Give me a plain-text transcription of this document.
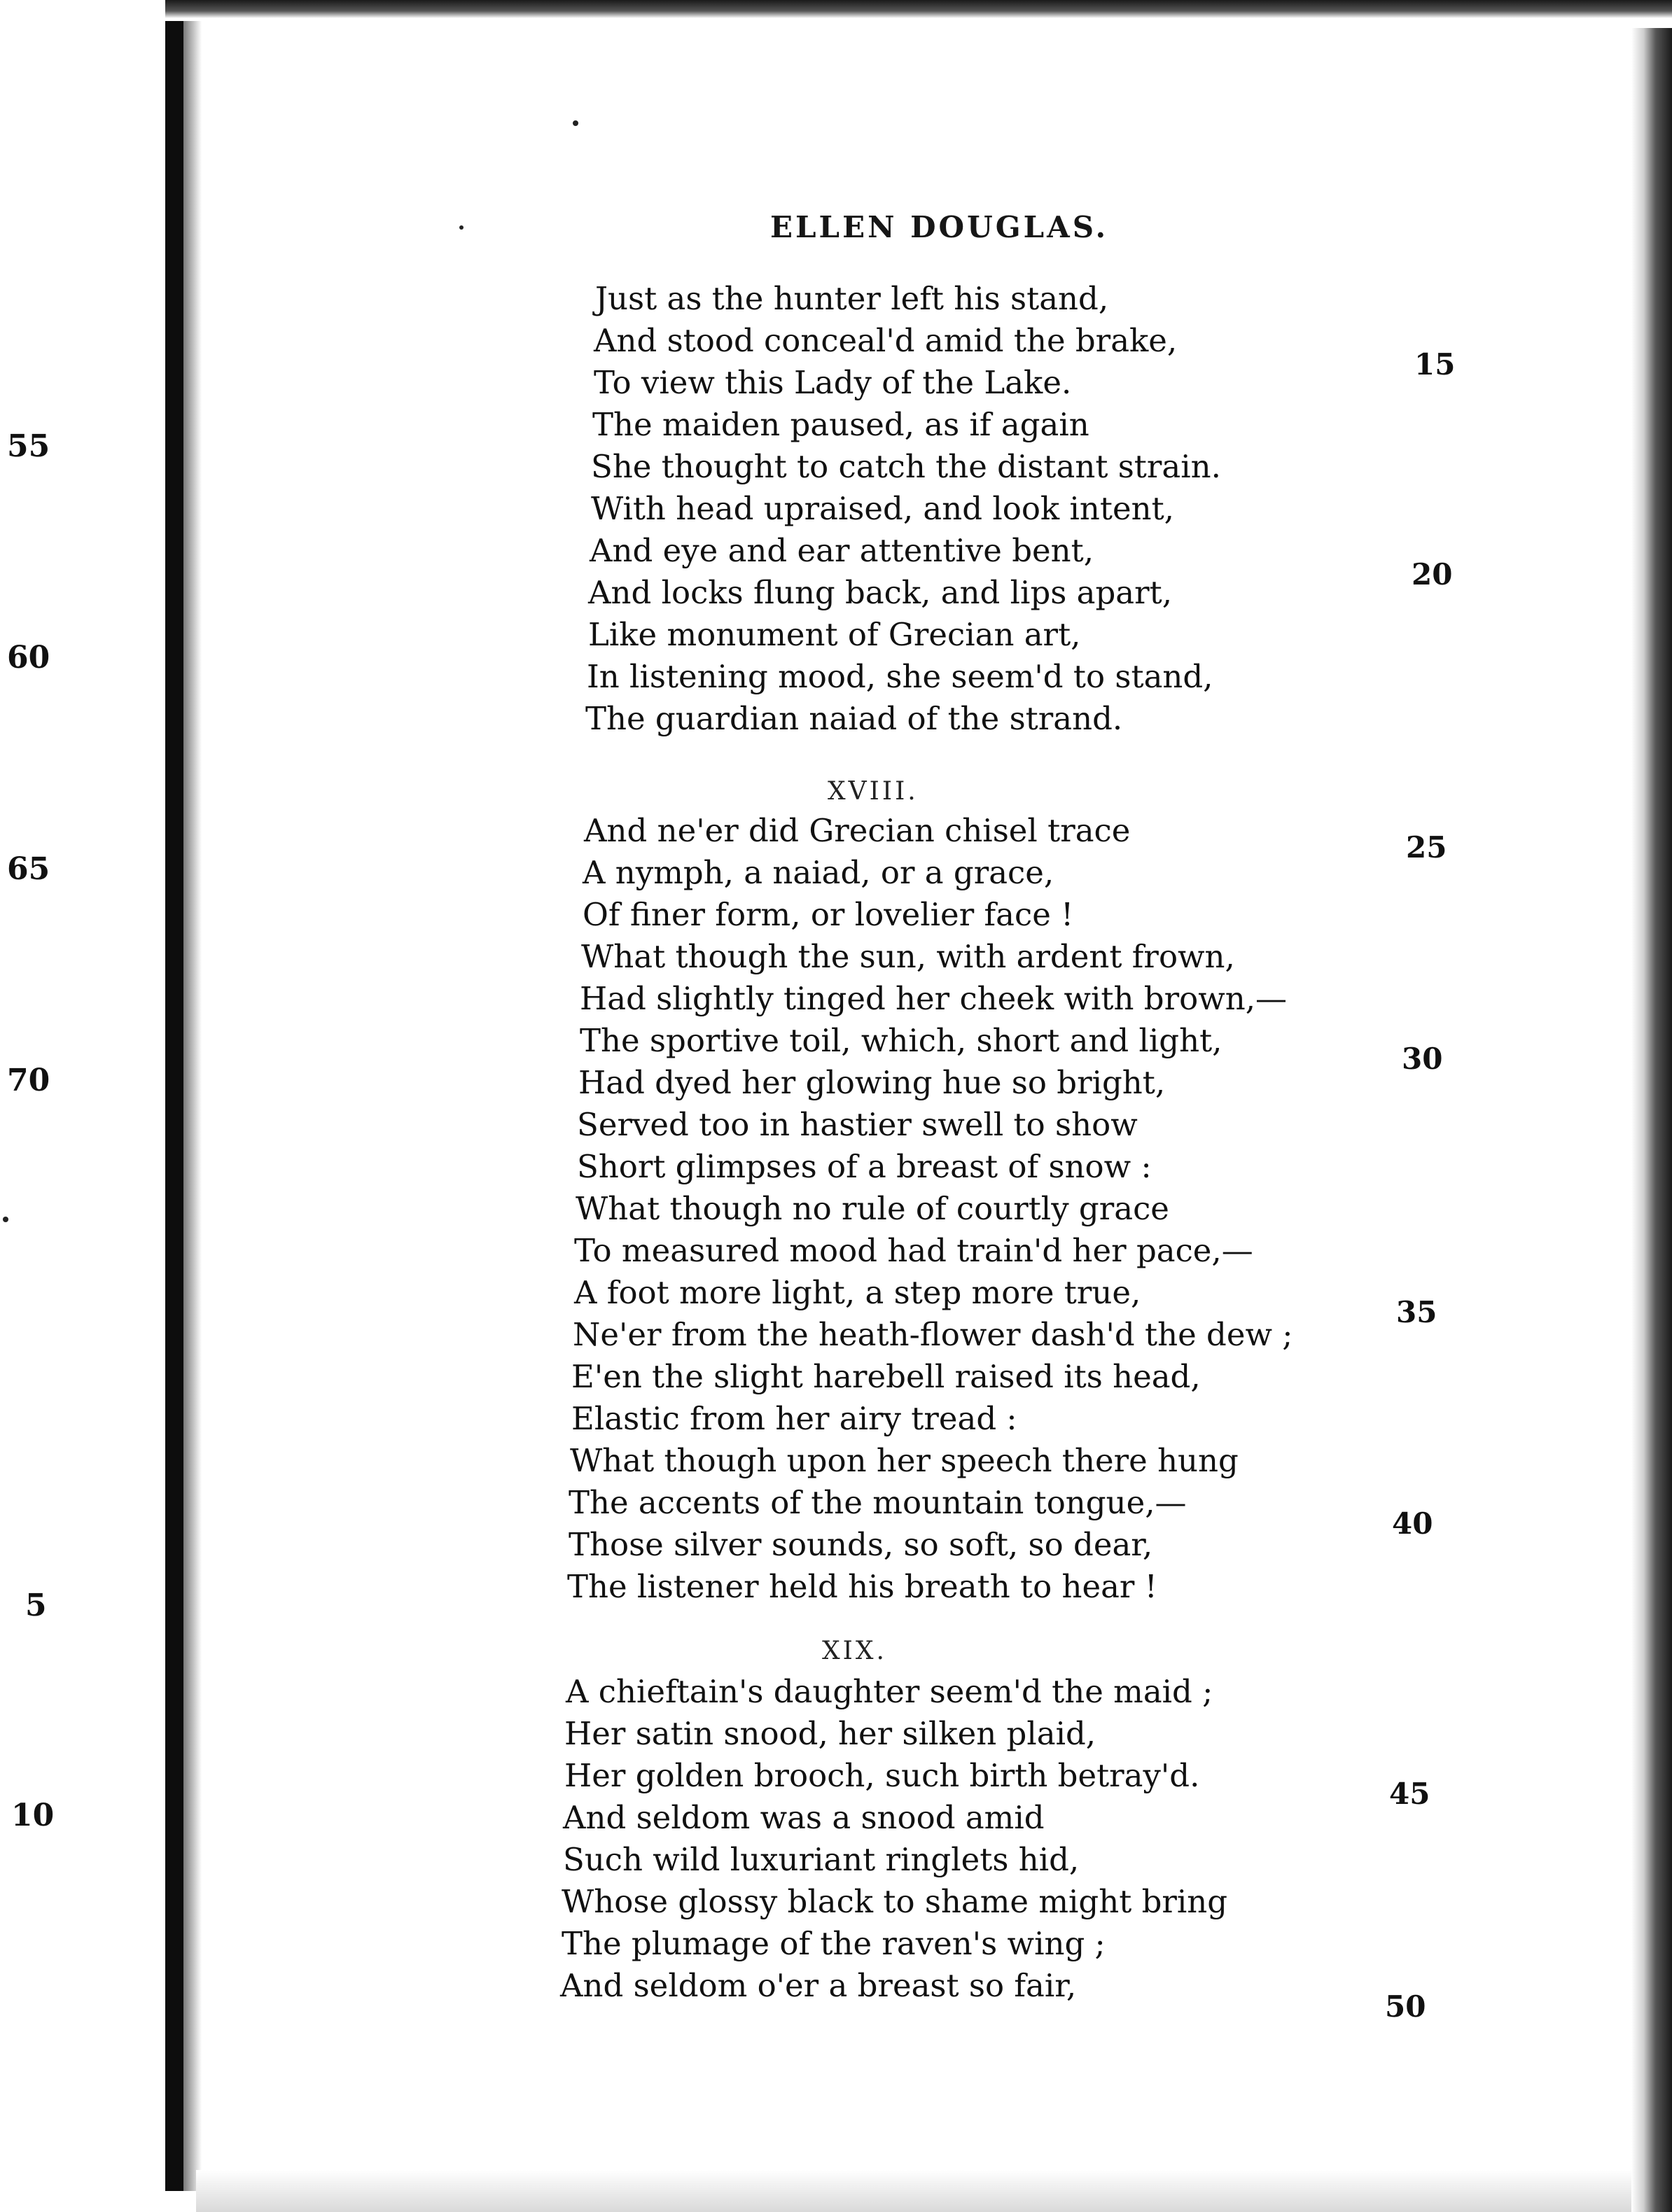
55
60
65
70
5
10
ELLEN DOUGLAS.
Just as the hunter left his stand,
And stood conceal'd amid the brake,
To view this Lady of the Lake.
The maiden paused, as if again
She thought to catch the distant strain.
With head upraised, and look intent,
And eye and ear attentive bent,
And locks flung back, and lips apart,
Like monument of Grecian art,
In listening mood, she seem'd to stand,
The guardian naiad of the strand.
XVIII.
And ne'er did Grecian chisel trace
A nymph, a naiad, or a grace,
Of finer form, or lovelier face !
What though the sun, with ardent frown,
Had slightly tinged her cheek with brown,—
The sportive toil, which, short and light,
Had dyed her glowing hue so bright,
Served too in hastier swell to show
Short glimpses of a breast of snow :
What though no rule of courtly grace
To measured mood had train'd her pace,—
A foot more light, a step more true,
Ne'er from the heath-flower dash'd the dew ;
E'en the slight harebell raised its head,
Elastic from her airy tread :
What though upon her speech there hung
The accents of the mountain tongue,—
Those silver sounds, so soft, so dear,
The listener held his breath to hear !
XIX.
A chieftain's daughter seem'd the maid ;
Her satin snood, her silken plaid,
Her golden brooch, such birth betray'd.
And seldom was a snood amid
Such wild luxuriant ringlets hid,
Whose glossy black to shame might bring
The plumage of the raven's wing ;
And seldom o'er a breast so fair,
15
20
25
30
35
40
45
50
